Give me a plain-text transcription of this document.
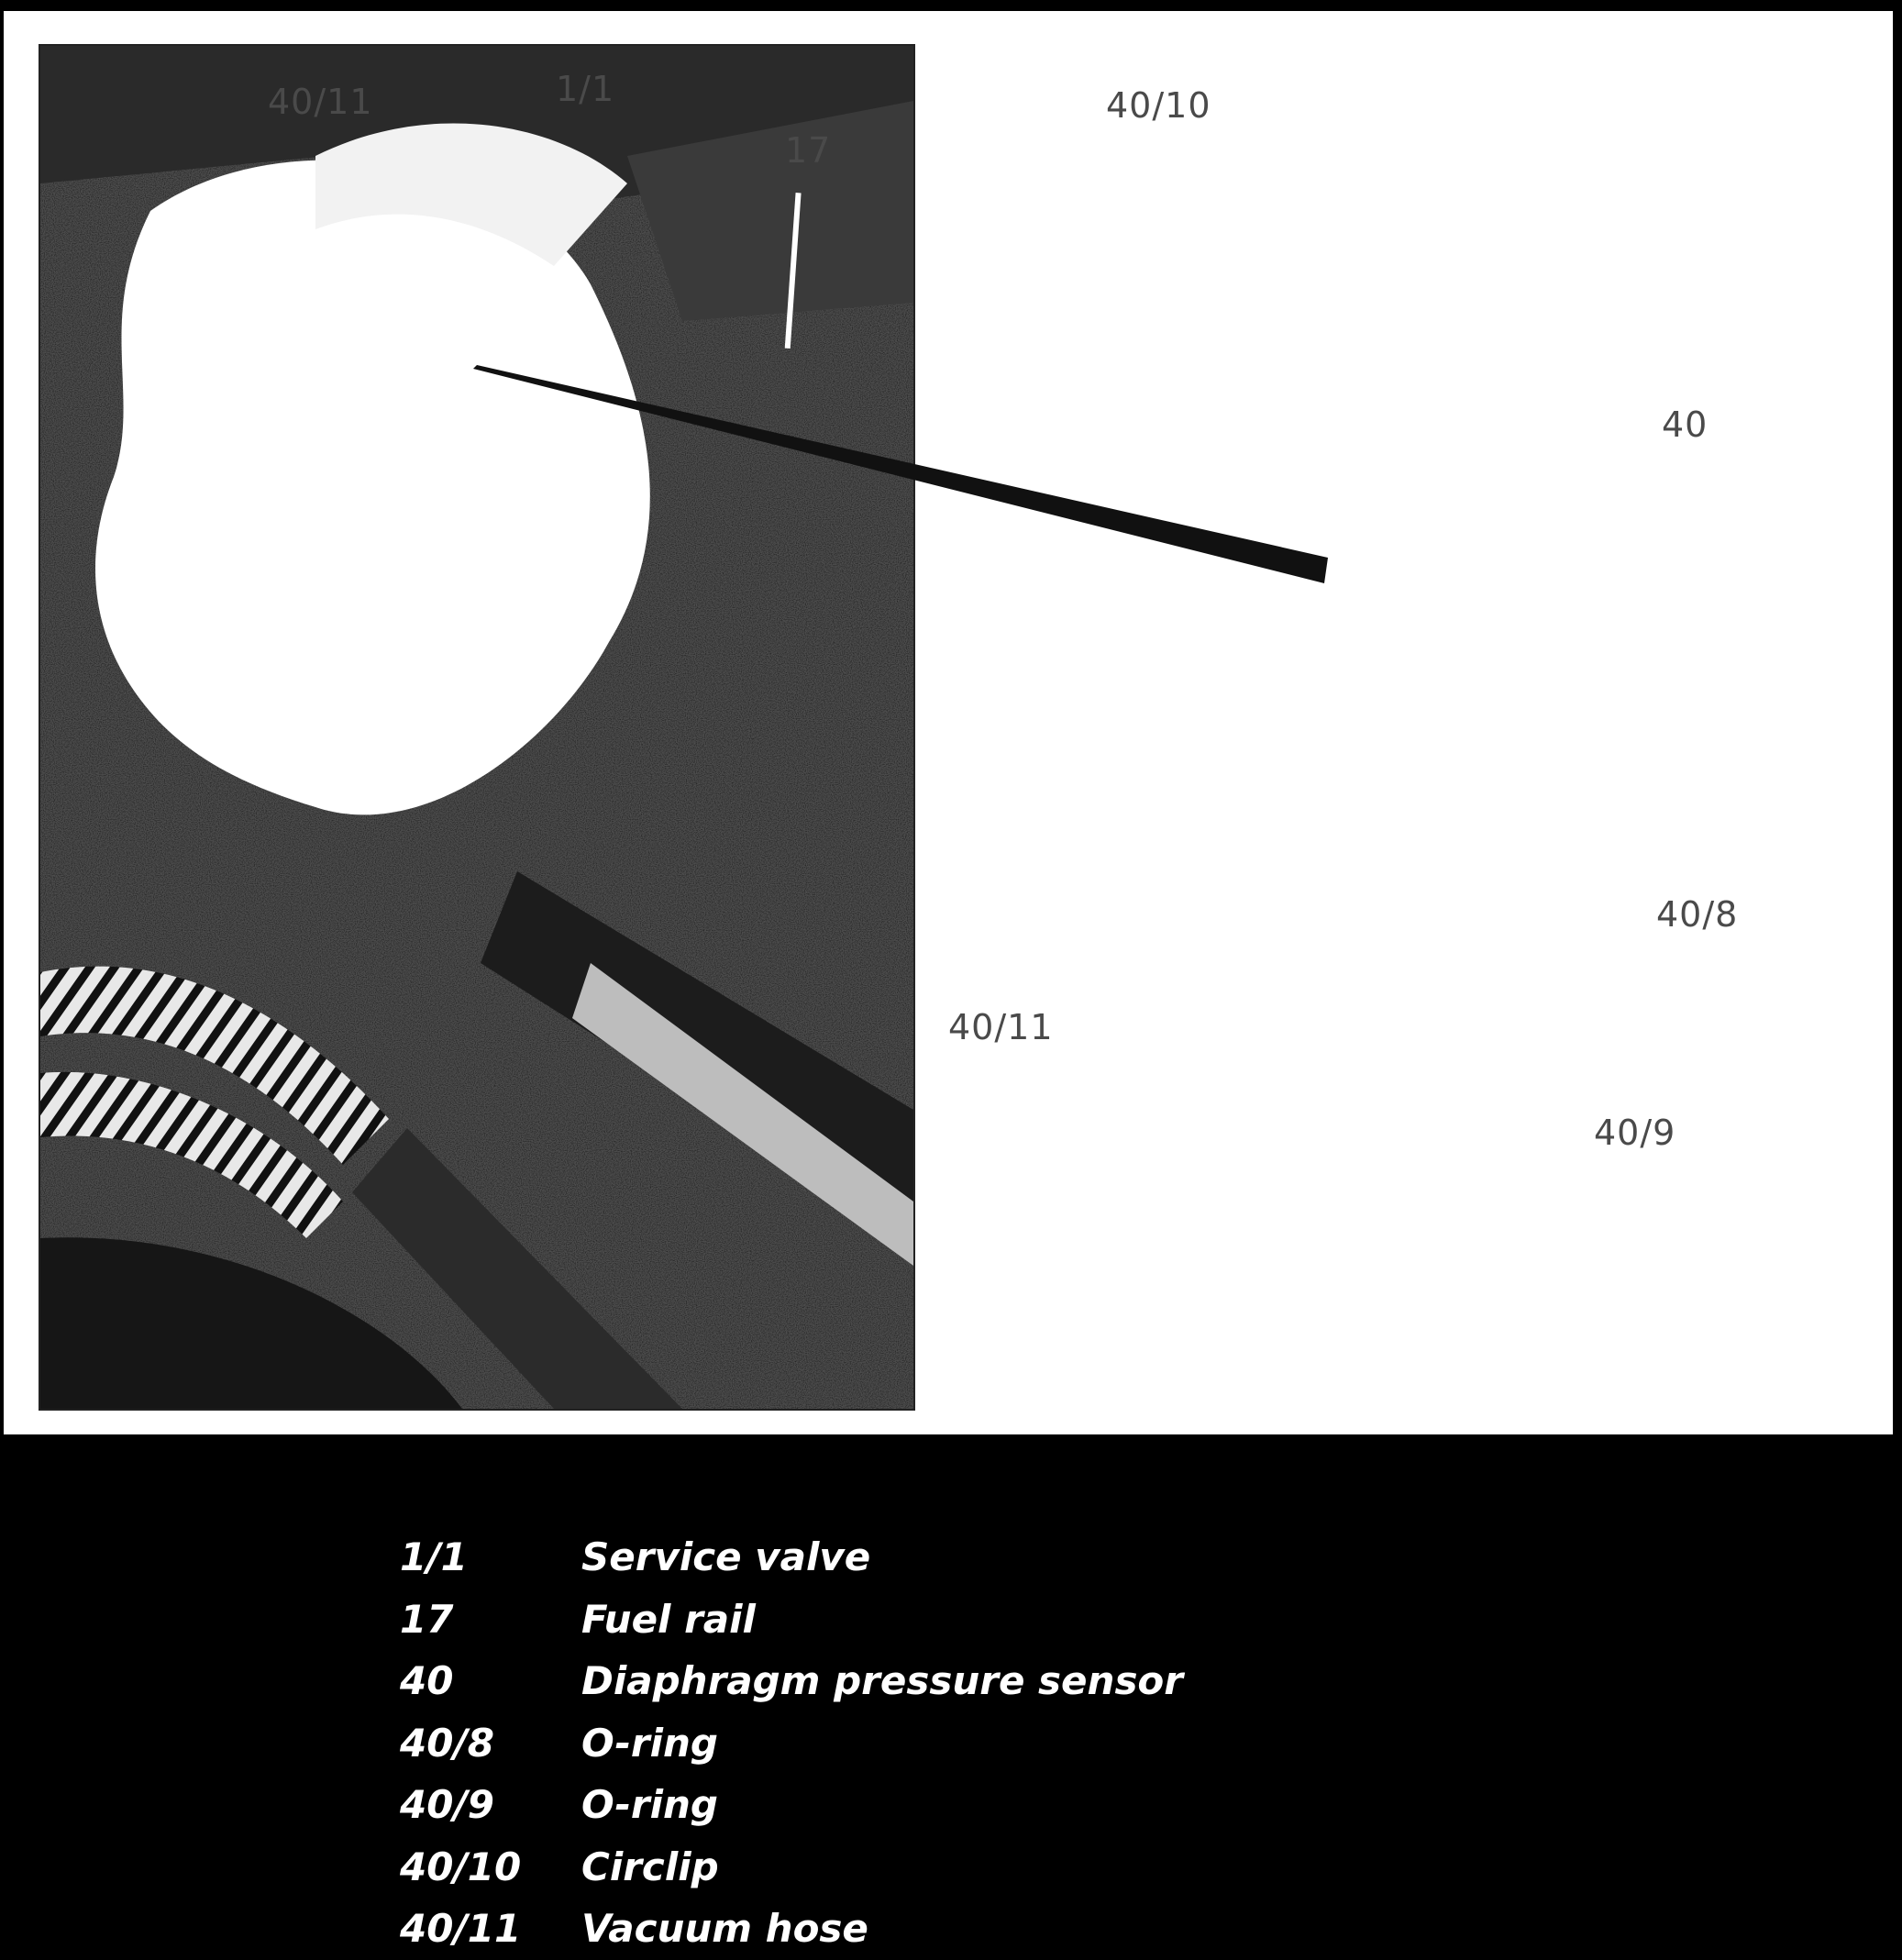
40/11	1/1
17
40/10
40
40/8
40/11
40/9
1/1	Service valve
17	Fuel rail
40	Diaphragm pressure sensor
40/8	O-ring
40/9	O-ring
40/10	Circlip
40/11	Vacuum hose
